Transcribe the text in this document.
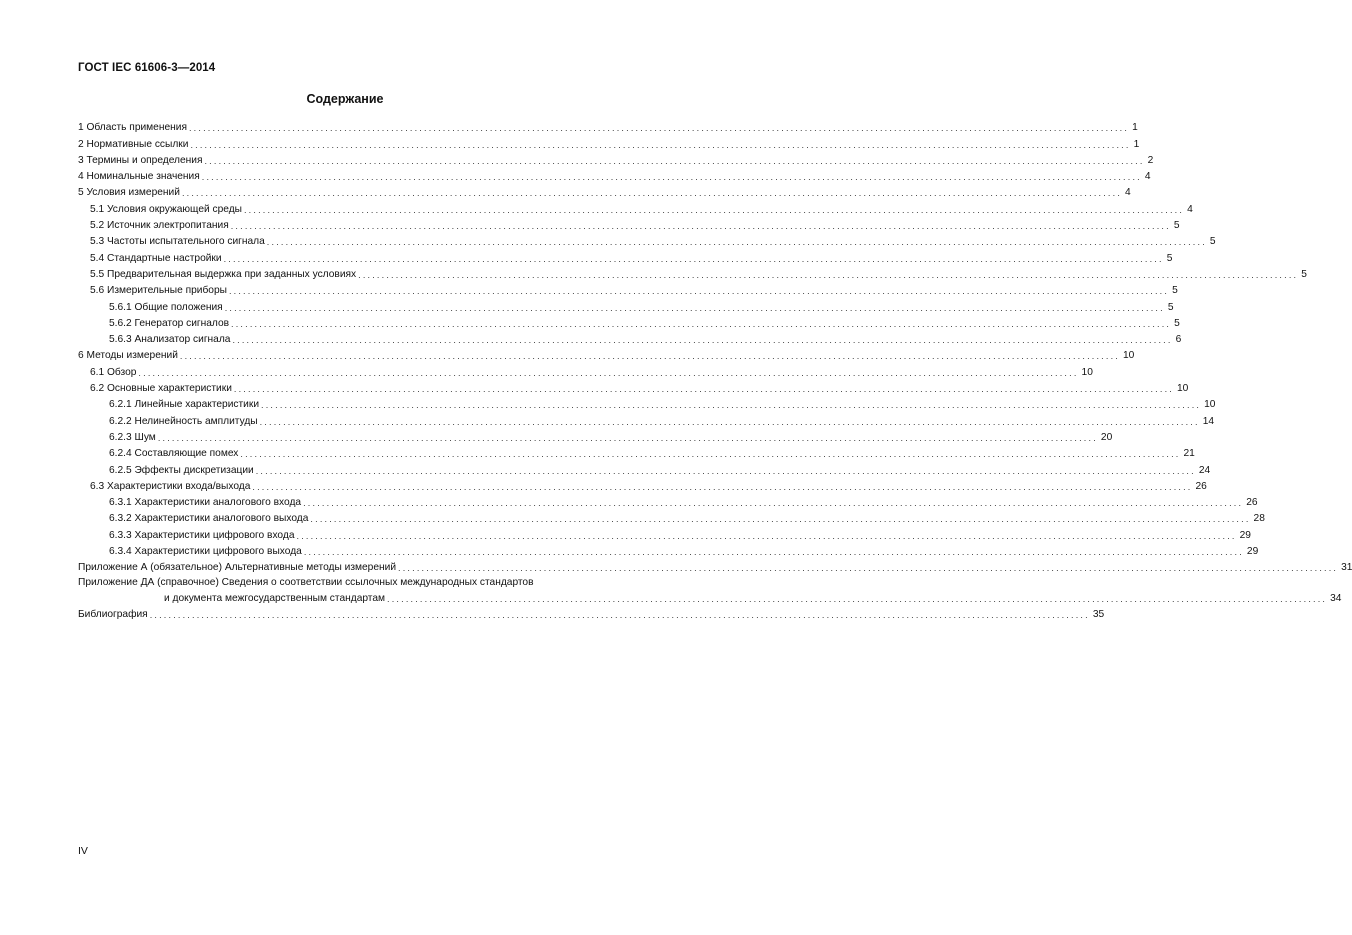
ГОСТ IEC 61606-3—2014
Содержание
1 Область применения ........................................................................................................................................................................................................ 1
2 Нормативные ссылки ........................................................................................................................................................................................................ 1
3 Термины и определения ........................................................................................................................................................................................................ 2
4 Номинальные значения ........................................................................................................................................................................................................ 4
5 Условия измерений ........................................................................................................................................................................................................ 4
5.1 Условия окружающей среды ........................................................................................................................................................................................................ 4
5.2 Источник электропитания ........................................................................................................................................................................................................ 5
5.3 Частоты испытательного сигнала ........................................................................................................................................................................................................ 5
5.4 Стандартные настройки ........................................................................................................................................................................................................ 5
5.5 Предварительная выдержка при заданных условиях ........................................................................................................................................................................................................ 5
5.6 Измерительные приборы ........................................................................................................................................................................................................ 5
5.6.1 Общие положения ........................................................................................................................................................................................................ 5
5.6.2 Генератор сигналов ........................................................................................................................................................................................................ 5
5.6.3 Анализатор сигнала ........................................................................................................................................................................................................ 6
6 Методы измерений ........................................................................................................................................................................................................ 10
6.1 Обзор ........................................................................................................................................................................................................ 10
6.2 Основные характеристики ........................................................................................................................................................................................................ 10
6.2.1 Линейные характеристики ........................................................................................................................................................................................................ 10
6.2.2 Нелинейность амплитуды ........................................................................................................................................................................................................ 14
6.2.3 Шум ........................................................................................................................................................................................................ 20
6.2.4 Составляющие помех ........................................................................................................................................................................................................ 21
6.2.5 Эффекты дискретизации ........................................................................................................................................................................................................ 24
6.3 Характеристики входа/выхода ........................................................................................................................................................................................................ 26
6.3.1 Характеристики аналогового входа ........................................................................................................................................................................................................ 26
6.3.2 Характеристики аналогового выхода ........................................................................................................................................................................................................ 28
6.3.3 Характеристики цифрового входа ........................................................................................................................................................................................................ 29
6.3.4 Характеристики цифрового выхода ........................................................................................................................................................................................................ 29
Приложение А (обязательное) Альтернативные методы измерений ........................................................................................................................................................................................................ 31
Приложение ДА (справочное) Сведения о соответствии ссылочных международных стандартов
и документа межгосударственным стандартам ........................................................................................................................................................................................................ 34
Библиография ........................................................................................................................................................................................................ 35
IV
